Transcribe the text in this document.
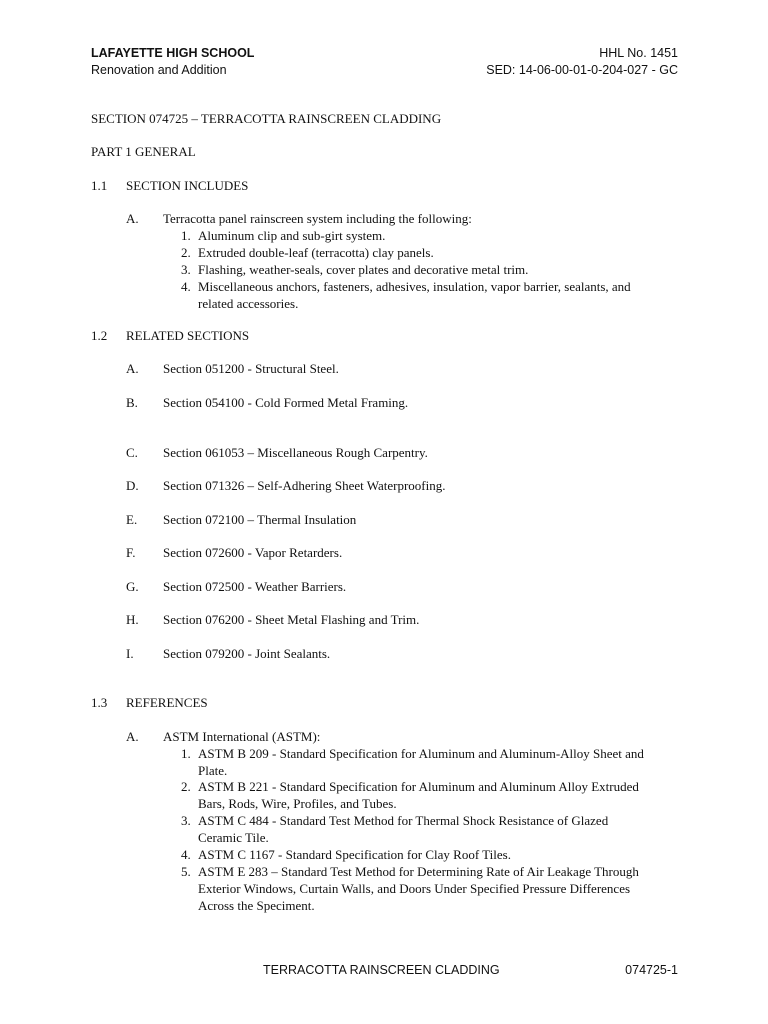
LAFAYETTE HIGH SCHOOL
Renovation and Addition
HHL No. 1451
SED: 14-06-00-01-0-204-027 - GC
SECTION 074725 – TERRACOTTA RAINSCREEN CLADDING
PART 1 GENERAL
1.1 SECTION INCLUDES
A. Terracotta panel rainscreen system including the following:
1. Aluminum clip and sub-girt system.
2. Extruded double-leaf (terracotta) clay panels.
3. Flashing, weather-seals, cover plates and decorative metal trim.
4. Miscellaneous anchors, fasteners, adhesives, insulation, vapor barrier, sealants, and
related accessories.
1.2 RELATED SECTIONS
A. Section 051200 - Structural Steel.
B. Section 054100 - Cold Formed Metal Framing.
C. Section 061053 – Miscellaneous Rough Carpentry.
D. Section 071326 – Self-Adhering Sheet Waterproofing.
E. Section 072100 – Thermal Insulation
F. Section 072600 - Vapor Retarders.
G. Section 072500 - Weather Barriers.
H. Section 076200 - Sheet Metal Flashing and Trim.
I. Section 079200 - Joint Sealants.
1.3 REFERENCES
A. ASTM International (ASTM):
1. ASTM B 209 - Standard Specification for Aluminum and Aluminum-Alloy Sheet and
Plate.
2. ASTM B 221 - Standard Specification for Aluminum and Aluminum Alloy Extruded
Bars, Rods, Wire, Profiles, and Tubes.
3. ASTM C 484 - Standard Test Method for Thermal Shock Resistance of Glazed
Ceramic Tile.
4. ASTM C 1167 - Standard Specification for Clay Roof Tiles.
5. ASTM E 283 – Standard Test Method for Determining Rate of Air Leakage Through
Exterior Windows, Curtain Walls, and Doors Under Specified Pressure Differences
Across the Speciment.
TERRACOTTA RAINSCREEN CLADDING	074725-1
